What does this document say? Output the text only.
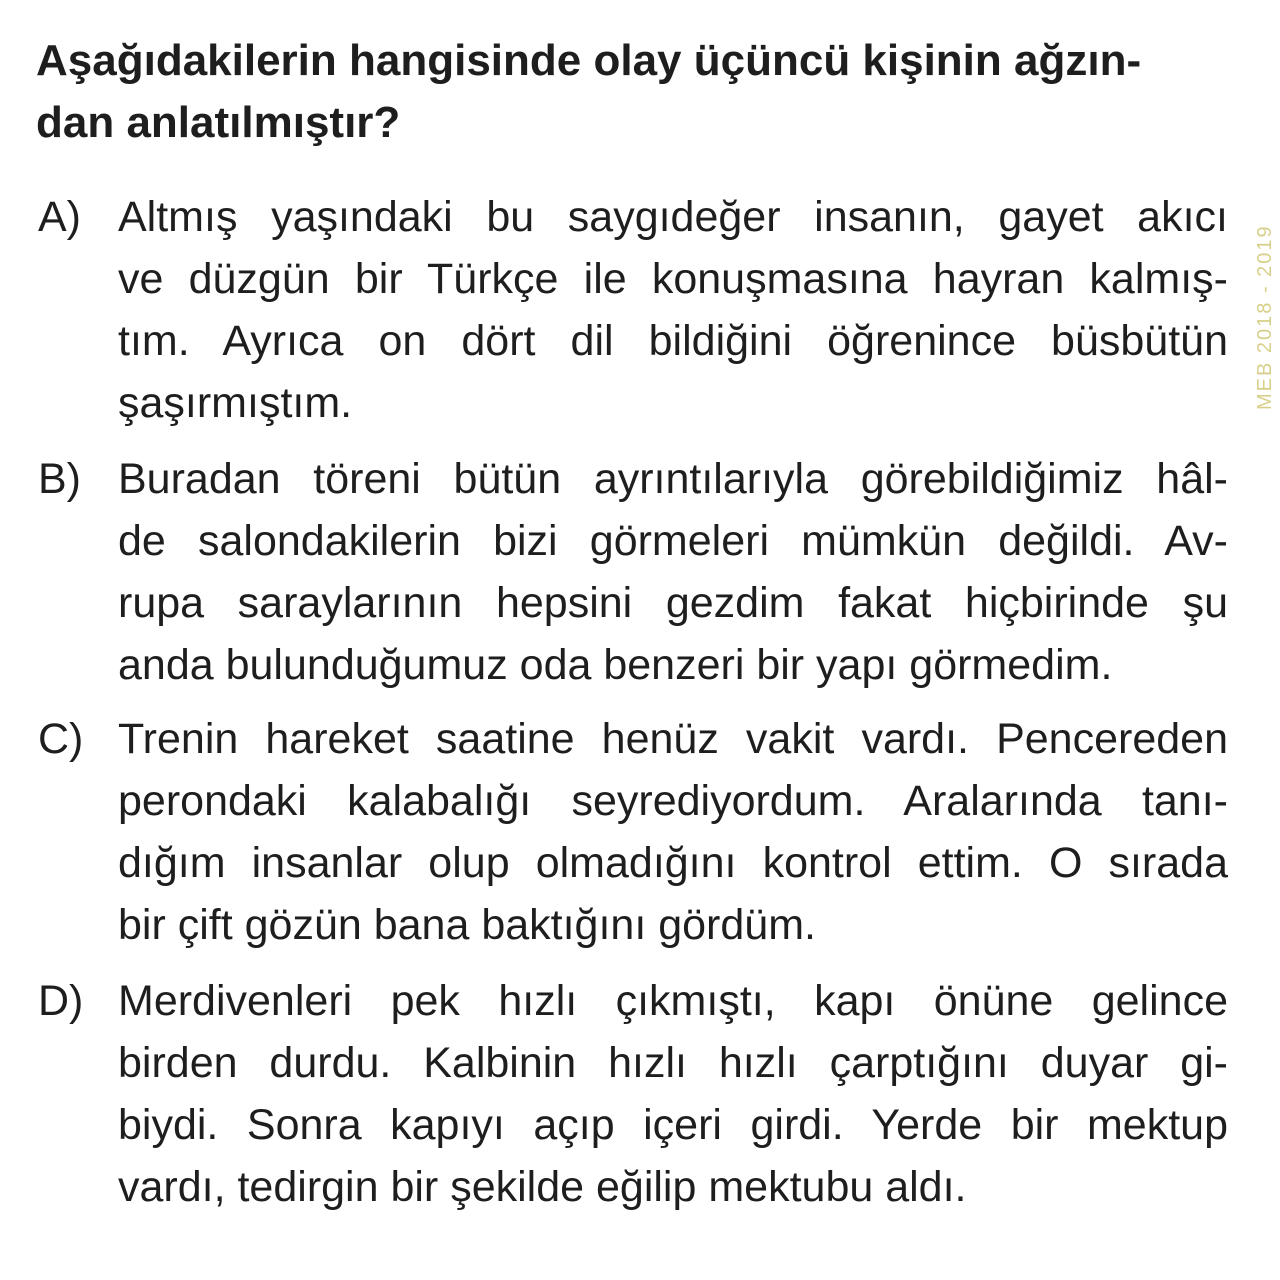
Aşağıdakilerin hangisinde olay üçüncü kişinin ağzın-
dan anlatılmıştır?
A) Altmış yaşındaki bu saygıdeğer insanın, gayet akıcı
ve düzgün bir Türkçe ile konuşmasına hayran kalmış-
tım. Ayrıca on dört dil bildiğini öğrenince büsbütün
şaşırmıştım.
B) Buradan töreni bütün ayrıntılarıyla görebildiğimiz hâl-
de salondakilerin bizi görmeleri mümkün değildi. Av-
rupa saraylarının hepsini gezdim fakat hiçbirinde şu
anda bulunduğumuz oda benzeri bir yapı görmedim.
C) Trenin hareket saatine henüz vakit vardı. Pencereden
perondaki kalabalığı seyrediyordum. Aralarında tanı-
dığım insanlar olup olmadığını kontrol ettim. O sırada
bir çift gözün bana baktığını gördüm.
D) Merdivenleri pek hızlı çıkmıştı, kapı önüne gelince
birden durdu. Kalbinin hızlı hızlı çarptığını duyar gi-
biydi. Sonra kapıyı açıp içeri girdi. Yerde bir mektup
vardı, tedirgin bir şekilde eğilip mektubu aldı.
MEB 2018 - 2019
